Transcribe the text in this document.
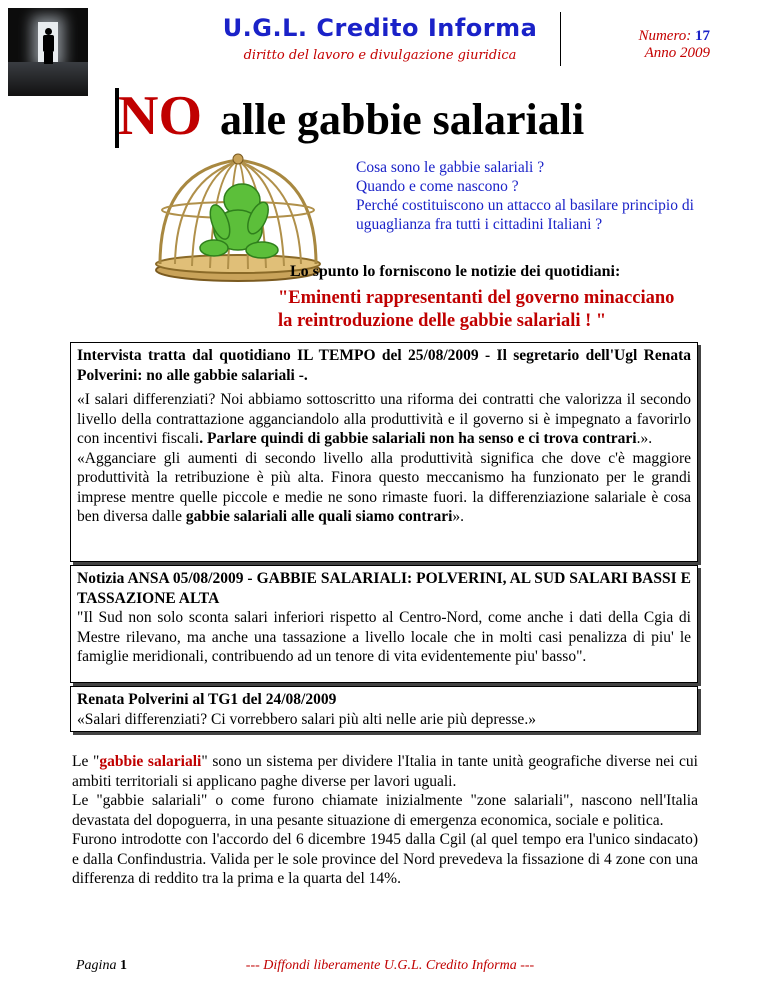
U.G.L. Credito Informa
diritto del lavoro e divulgazione giuridica
Numero: 17
Anno 2009
NO alle gabbie salariali
Cosa sono le gabbie salariali ?
Quando e come nascono ?
Perché costituiscono un attacco al basilare principio di uguaglianza fra tutti i cittadini Italiani ?
Lo spunto lo forniscono le notizie dei quotidiani:
"Eminenti rappresentanti del governo minacciano
la reintroduzione delle gabbie salariali ! "

Intervista tratta dal quotidiano IL TEMPO del 25/08/2009 - Il segretario dell'Ugl Renata Polverini: no alle gabbie salariali -.

«I salari differenziati? Noi abbiamo sottoscritto una riforma dei contratti che valorizza il secondo livello della contrattazione agganciandolo alla produttività e il governo si è impegnato a favorirlo con incentivi fiscali. Parlare quindi di gabbie salariali non ha senso e ci trova contrari.».

«Agganciare gli aumenti di secondo livello alla produttività significa che dove c'è maggiore produttività la retribuzione è più alta. Finora questo meccanismo ha funzionato per le grandi imprese mentre quelle piccole e medie ne sono rimaste fuori. la differenziazione salariale è cosa ben diversa dalle gabbie salariali alle quali siamo contrari».

Notizia ANSA 05/08/2009 - GABBIE SALARIALI: POLVERINI, AL SUD SALARI BASSI E TASSAZIONE ALTA

"Il Sud non solo sconta salari inferiori rispetto al Centro-Nord, come anche i dati della Cgia di Mestre rilevano, ma anche una tassazione a livello locale che in molti casi penalizza di piu' le famiglie meridionali, contribuendo ad un tenore di vita evidentemente piu' basso".

Renata Polverini al TG1 del 24/08/2009

«Salari differenziati? Ci vorrebbero salari più alti nelle arie più depresse.»

Le "gabbie salariali" sono un sistema per dividere l'Italia in tante unità geografiche diverse nei cui ambiti territoriali si applicano paghe diverse per lavori uguali.

Le "gabbie salariali" o come furono chiamate inizialmente "zone salariali", nascono nell'Italia devastata del dopoguerra, in una pesante situazione di emergenza economica, sociale e politica.

Furono introdotte con l'accordo del 6 dicembre 1945 dalla Cgil (al quel tempo era l'unico sindacato) e dalla Confindustria. Valida per le sole province del Nord prevedeva la fissazione di 4 zone con una differenza di reddito tra la prima e la quarta del 14%.

Pagina 1	--- Diffondi liberamente U.G.L. Credito Informa ---
